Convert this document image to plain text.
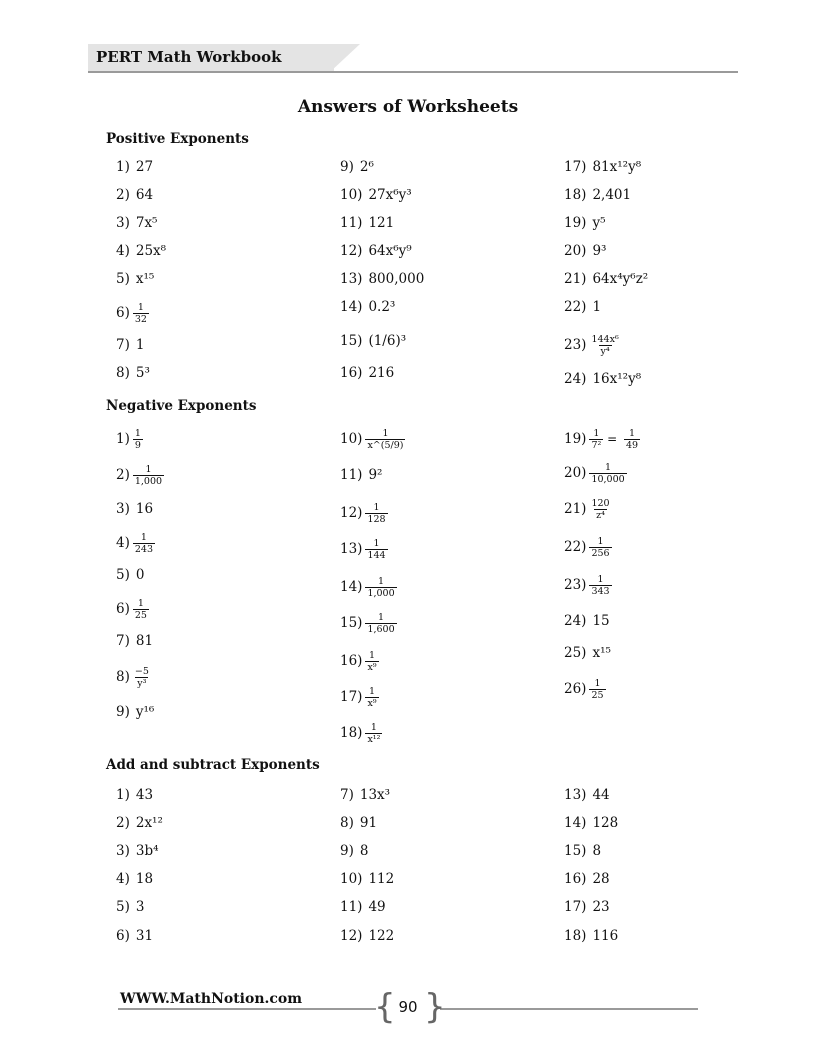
PERT Math Workbook
Answers of Worksheets
Positive Exponents
1) 27
2) 64
3) 7x⁵
4) 25x⁸
5) x¹⁵
$6) \frac{1}{32}$
7) 1
8) 5³
9) 2⁶
10) 27x⁶y³
11) 121
12) 64x⁶y⁹
13) 800,000
14) 0.2³
15) (1/6)³
16) 216
17) 81x¹²y⁸
18) 2,401
19) y⁵
20) 9³
21) 64x⁴y⁶z²
22) 1
$23) \frac{\text{144x⁶}}{\text{y⁴}}$
24) 16x¹²y⁸
Negative Exponents
$1) \frac{1}{9}$
$2) \frac{1}{1,000}$
3) 16
$4) \frac{1}{243}$
5) 0
$6) \frac{1}{25}$
7) 81
$8) \frac{-5}{\text{y³}}$
9) y¹⁶
$10) \frac{1}{x\^{}(5/9)}$
11) 9²
$12) \frac{1}{128}$
$13) \frac{1}{144}$
$14) \frac{1}{1,000}$
$15) \frac{1}{1,600}$
$16) \frac{1}{\text{x⁹}}$
$17) \frac{1}{\text{x⁹}}$
$18) \frac{1}{\text{x¹²}}$
$19) \frac{1}{\text{7²}} = \frac{1}{49}$
$20) \frac{1}{10,000}$
$21) \frac{120}{\text{z⁴}}$
$22) \frac{1}{256}$
$23) \frac{1}{343}$
24) 15
25) x¹⁵
$26) \frac{1}{25}$
Add and subtract Exponents
1) 43
2) 2x¹²
3) 3b⁴
4) 18
5) 3
6) 31
7) 13x³
8) 91
9) 8
10) 112
11) 49
12) 122
13) 44
14) 128
15) 8
16) 28
17) 23
18) 116
WWW.MathNotion.com { }
90
